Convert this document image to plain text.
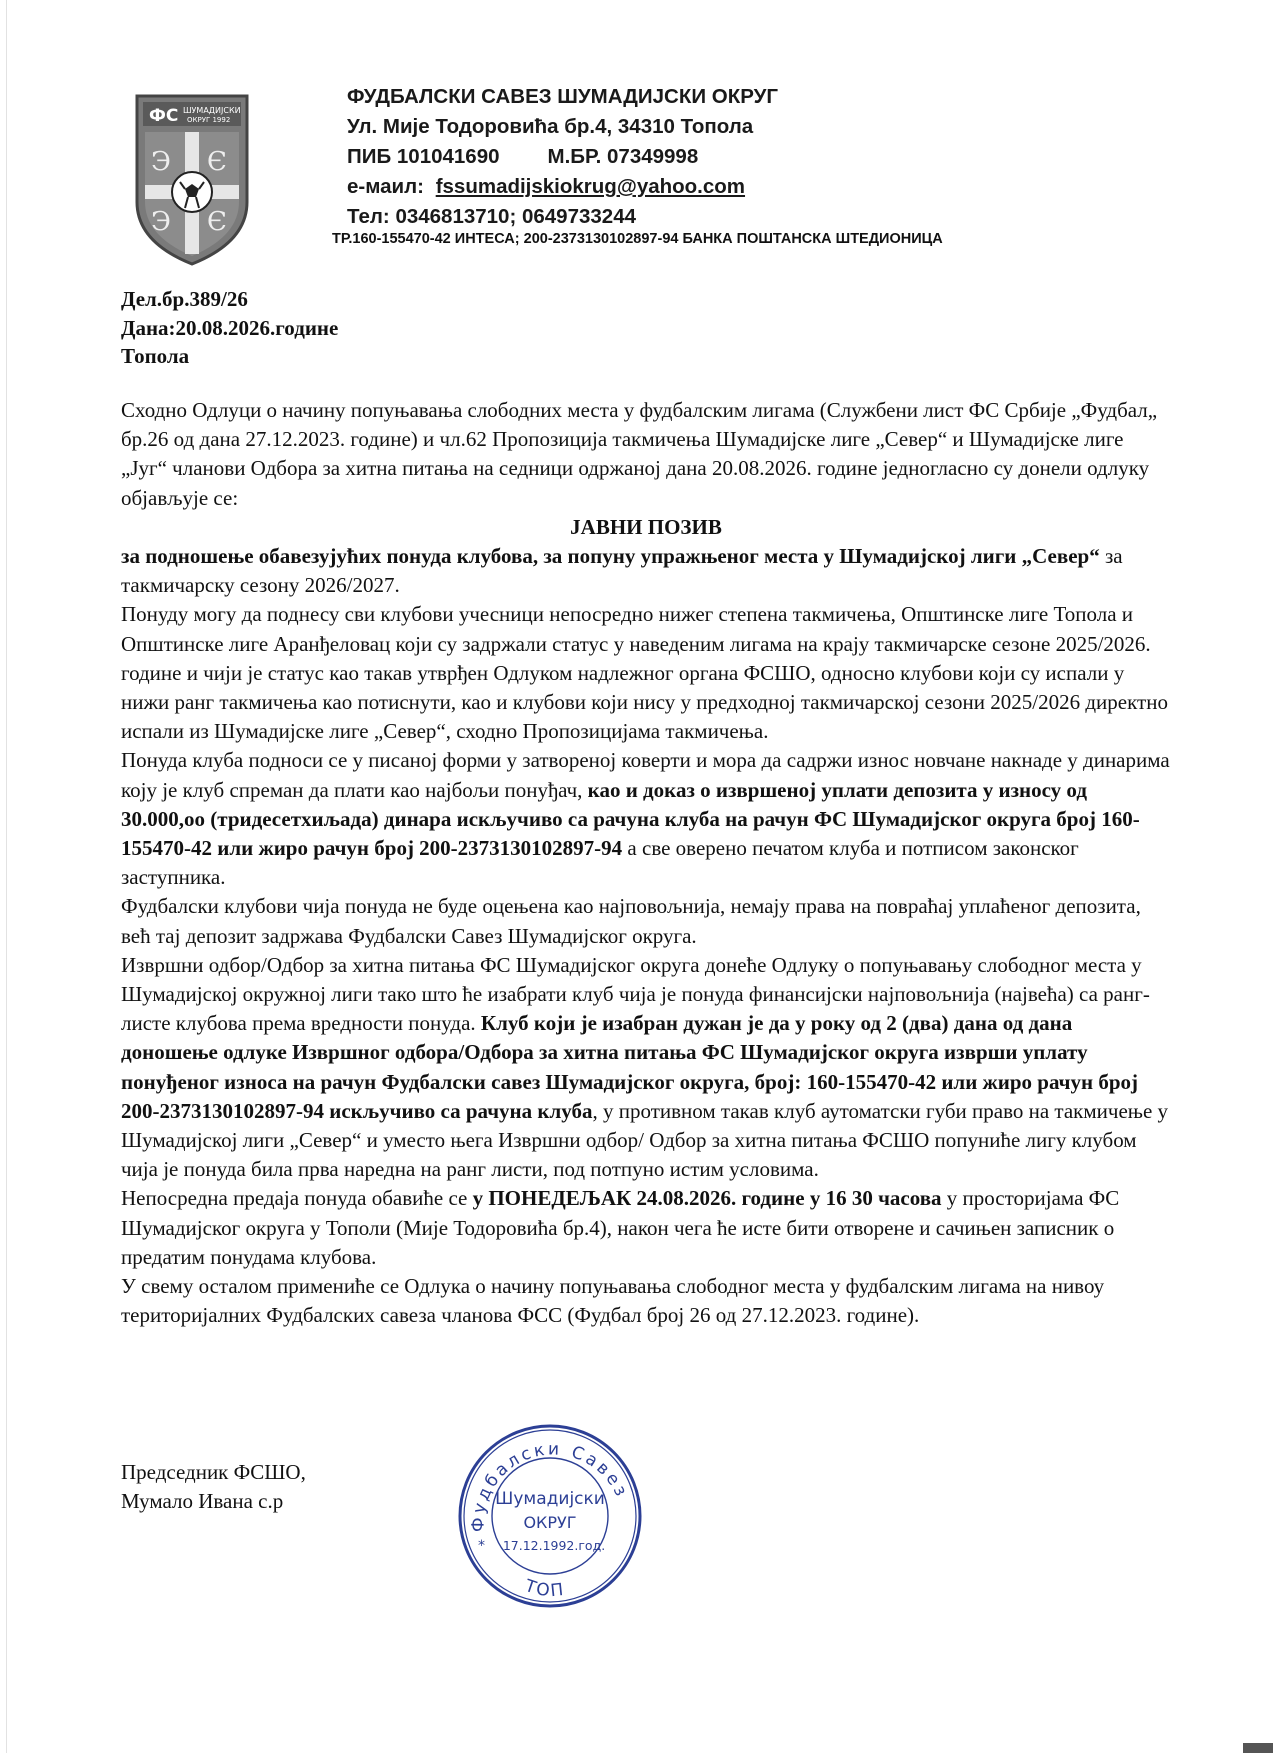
ФС ШУМАДИЈСКИ
ОКРУГ 1992
Э Є
Э Є
ФУДБАЛСКИ САВЕЗ ШУМАДИЈСКИ ОКРУГ
Ул. Мије Тодоровића бр.4, 34310 Топола
ПИБ 101041690 М.БР. 07349998
е-маил: fssumadijskiokrug@yahoo.com
Тел: 0346813710; 0649733244
ТР.160-155470-42 ИНТЕСА; 200-2373130102897-94 БАНКА ПОШТАНСКА ШТЕДИОНИЦА
Дел.бр.389/26
Дана:20.08.2026.године
Топола

Сходно Одлуци о начину попуњавања слободних места у фудбалским лигама (Службени лист ФС Србије „Фудбал„ бр.26 од дана 27.12.2023. године) и чл.62 Пропозиција такмичења Шумадијске лиге „Север“ и Шумадијске лиге „Југ“ чланови Одбора за хитна питања на седници одржаној дана 20.08.2026. године једногласно су донели одлуку објављује се:

ЈАВНИ ПОЗИВ

за подношење обавезујућих понуда клубова, за попуну упражњеног места у Шумадијској лиги „Север“ за такмичарску сезону 2026/2027.

Понуду могу да поднесу сви клубови учесници непосредно нижег степена такмичења, Општинске лиге Топола и Општинске лиге Аранђеловац који су задржали статус у наведеним лигама на крају такмичарске сезоне 2025/2026. године и чији је статус као такав утврђен Одлуком надлежног органа ФСШО, односно клубови који су испали у нижи ранг такмичења као потиснути, као и клубови који нису у предходној такмичарској сезони 2025/2026 директно испали из Шумадијске лиге „Север“, сходно Пропозицијама такмичења.

Понуда клуба подноси се у писаној форми у затвореној коверти и мора да садржи износ новчане накнаде у динарима коју је клуб спреман да плати као најбољи понуђач, као и доказ о извршеној уплати депозита у износу од 30.000,оо (тридесетхиљада) динара искључиво са рачуна клуба на рачун ФС Шумадијског округа број 160-155470-42 или жиро рачун број 200-2373130102897-94 а све оверено печатом клуба и потписом законског заступника.

Фудбалски клубови чија понуда не буде оцењена као најповољнија, немају права на повраћај уплаћеног депозита, већ тај депозит задржава Фудбалски Савез Шумадијског округа.

Извршни одбор/Одбор за хитна питања ФС Шумадијског округа донеће Одлуку о попуњавању слободног места у Шумадијској окружној лиги тако што ће изабрати клуб чија је понуда финансијски најповољнија (највећа) са ранг-листе клубова према вредности понуда. Клуб који је изабран дужан је да у року од 2 (два) дана од дана доношење одлуке Извршног одбора/Одбора за хитна питања ФС Шумадијског округа изврши уплату понуђеног износа на рачун Фудбалски савез Шумадијског округа, број: 160-155470-42 или жиро рачун број 200-2373130102897-94 искључиво са рачуна клуба, у противном такав клуб аутоматски губи право на такмичење у Шумадијској лиги „Север“ и уместо њега Извршни одбор/ Одбор за хитна питања ФСШО попуниће лигу клубом чија је понуда била прва наредна на ранг листи, под потпуно истим условима.

Непосредна предаја понуда обавиће се у ПОНЕДЕЉАК 24.08.2026. године у 16 30 часова у просторијама ФС Шумадијског округа у Тополи (Мије Тодоровића бр.4), након чега ће исте бити отворене и сачињен записник о предатим понудама клубова.

У свему осталом примениће се Одлука о начину попуњавања слободног места у фудбалским лигама на нивоу територијалних Фудбалских савеза чланова ФСС (Фудбал број 26 од 27.12.2023. године).

Председник ФСШО,
Мумало Ивана с.р
Фудбалски Савез
Шумадијски
ОКРУГ
17.12.1992.год.
*
ТОП
